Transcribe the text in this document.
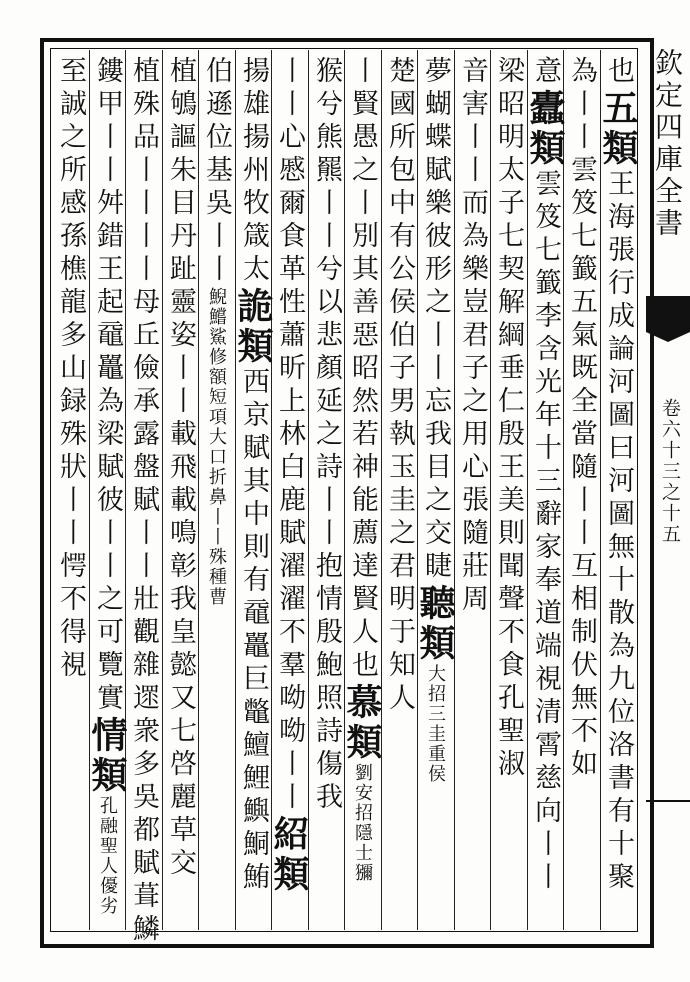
欽定四庫全書
卷六十三之十五
也
五類
王海張行成論河圖曰河圖無十散為九位洛書有十聚
為丨丨雲笈七籖五氣既全當隨丨丨互相制伏無不如
意
蠹類
雲笈七籖李含光年十三辭家奉道端視清霄慈向丨丨
梁昭明太子七契解綱垂仁殷王美則聞聲不食孔聖淑
音害丨丨而為樂豈君子之用心張隨莊周
夢蝴蝶賦樂彼形之丨丨忘我目之交睫
聽類
大招三圭重侯
楚國所包中有公侯伯子男執玉圭之君明于知人
丨賢愚之丨別其善惡昭然若神能薦達賢人也
慕類
劉安招隱士獼
猴兮熊羆丨丨兮以悲顏延之詩丨丨抱情殷鮑照詩傷我
丨丨心慼爾食革性蕭昕上林白鹿賦濯濯不羣呦呦丨丨
紹類
揚雄揚州牧箴太
詭類
西京賦其中則有黿鼉巨鼈鱣鯉鱮鮦鮪
伯遜位基吳丨丨
鯢鱨鯊修額短項大口折鼻丨丨殊種曹
植鴝謳朱目丹趾靈姿丨丨載飛載鳴彰我皇懿又七啓麗草交
植殊品丨丨丨丨母丘儉承露盤賦丨丨壯觀雜遝衆多吳都賦葺鱗
鏤甲丨丨舛錯王起黿鼉為梁賦彼丨丨之可覽實
情類
孔融聖人優劣
至誠之所感孫樵龍多山録殊狀丨丨愕不得視
